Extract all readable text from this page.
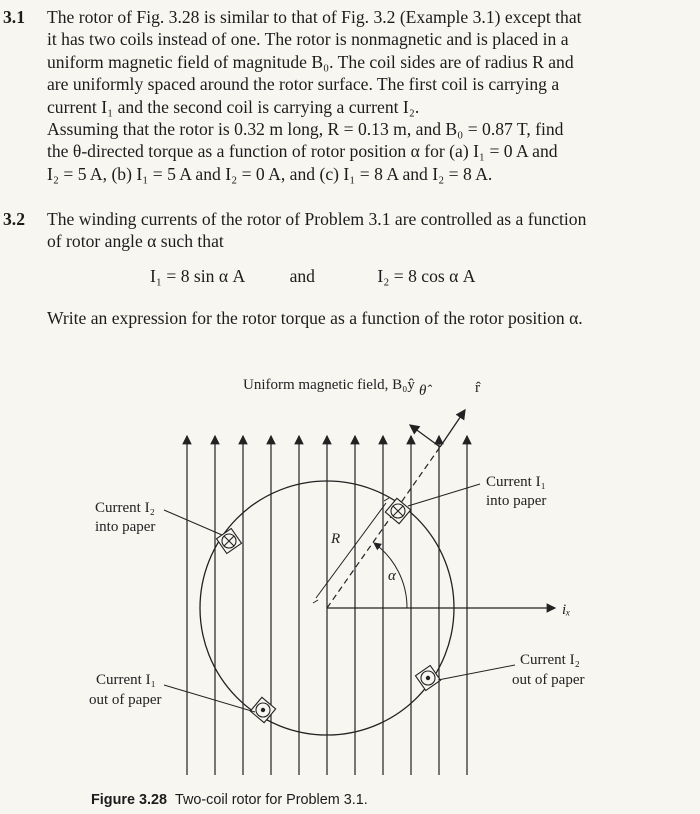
3.1 The rotor of Fig. 3.28 is similar to that of Fig. 3.2 (Example 3.1) except that
it has two coils instead of one. The rotor is nonmagnetic and is placed in a
uniform magnetic field of magnitude B₀. The coil sides are of radius R and
are uniformly spaced around the rotor surface. The first coil is carrying a
current I₁ and the second coil is carrying a current I₂.
Assuming that the rotor is 0.32 m long, R = 0.13 m, and B₀ = 0.87 T, find
the θ-directed torque as a function of rotor position α for (a) I₁ = 0 A and
I₂ = 5 A, (b) I₁ = 5 A and I₂ = 0 A, and (c) I₁ = 8 A and I₂ = 8 A.
3.2 The winding currents of the rotor of Problem 3.1 are controlled as a function
of rotor angle α such that
I₁ = 8 sin α A	and	I₂ = 8 cos α A
Write an expression for the rotor torque as a function of the rotor position α.
Uniform magnetic field, B₀ŷ θ̂	r̂
R
α
iₓ
Current I₁
into paper
Current I₂
into paper
Current I₁
out of paper
Current I₂
out of paper
Figure 3.28 Two-coil rotor for Problem 3.1.
